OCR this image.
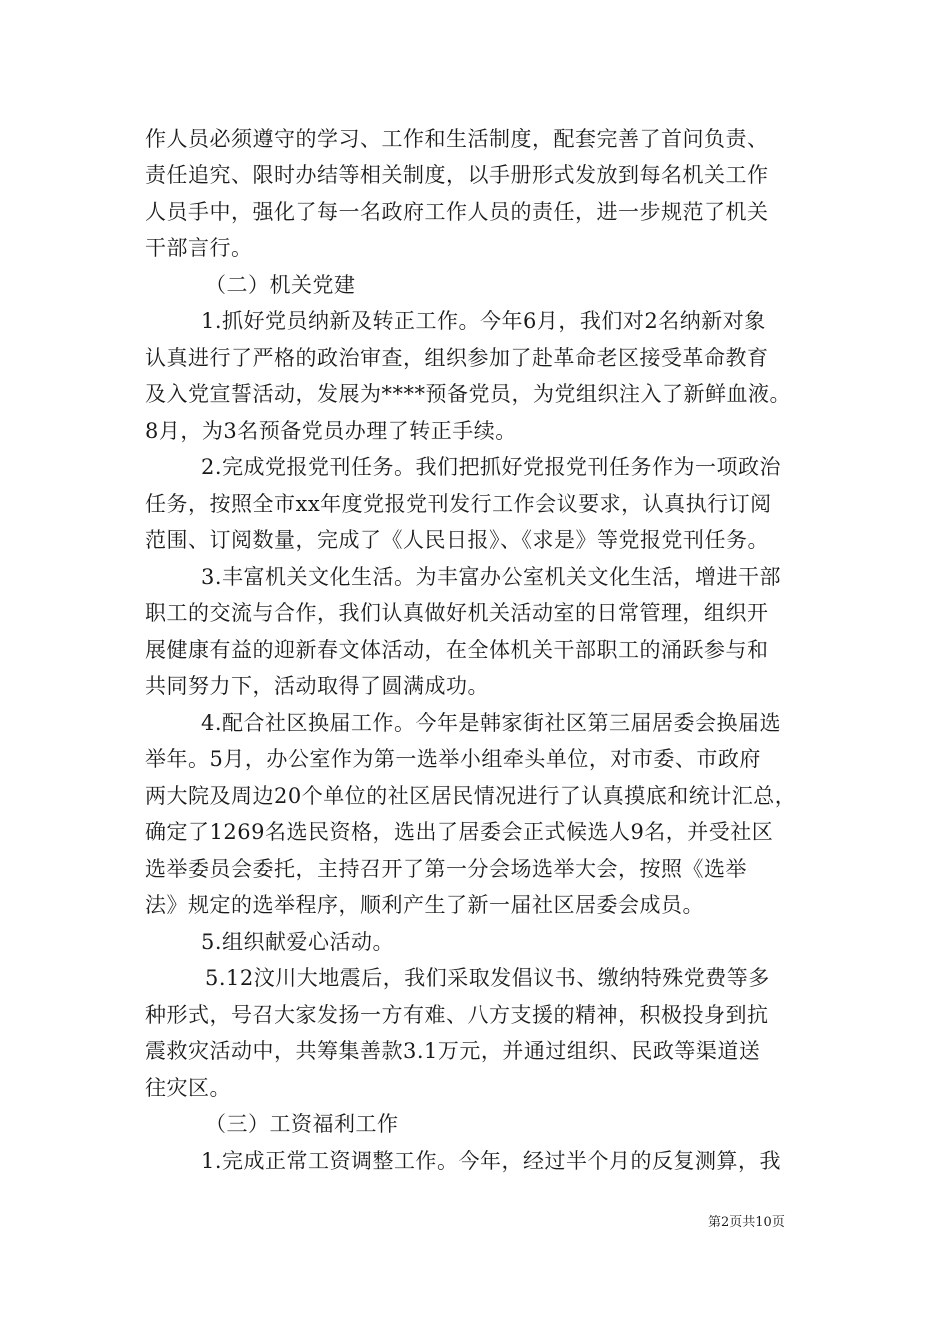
作人员必须遵守的学习、工作和生活制度，配套完善了首问负责、
责任追究、限时办结等相关制度，以手册形式发放到每名机关工作
人员手中，强化了每一名政府工作人员的责任，进一步规范了机关
干部言行。
（二）机关党建
1.抓好党员纳新及转正工作。今年6月，我们对2名纳新对象
认真进行了严格的政治审查，组织参加了赴革命老区接受革命教育
及入党宣誓活动，发展为****预备党员，为党组织注入了新鲜血液。
8月，为3名预备党员办理了转正手续。
2.完成党报党刊任务。我们把抓好党报党刊任务作为一项政治
任务，按照全市xx年度党报党刊发行工作会议要求，认真执行订阅
范围、订阅数量，完成了《人民日报》、《求是》等党报党刊任务。
3.丰富机关文化生活。为丰富办公室机关文化生活，增进干部
职工的交流与合作，我们认真做好机关活动室的日常管理，组织开
展健康有益的迎新春文体活动，在全体机关干部职工的涌跃参与和
共同努力下，活动取得了圆满成功。
4.配合社区换届工作。今年是韩家街社区第三届居委会换届选
举年。5月，办公室作为第一选举小组牵头单位，对市委、市政府
两大院及周边20个单位的社区居民情况进行了认真摸底和统计汇总，
确定了1269名选民资格，选出了居委会正式候选人9名，并受社区
选举委员会委托，主持召开了第一分会场选举大会，按照《选举
法》规定的选举程序，顺利产生了新一届社区居委会成员。
5.组织献爱心活动。
5.12汶川大地震后，我们采取发倡议书、缴纳特殊党费等多
种形式，号召大家发扬一方有难、八方支援的精神，积极投身到抗
震救灾活动中，共筹集善款3.1万元，并通过组织、民政等渠道送
往灾区。
（三）工资福利工作
1.完成正常工资调整工作。今年，经过半个月的反复测算，我
第2页共10页
